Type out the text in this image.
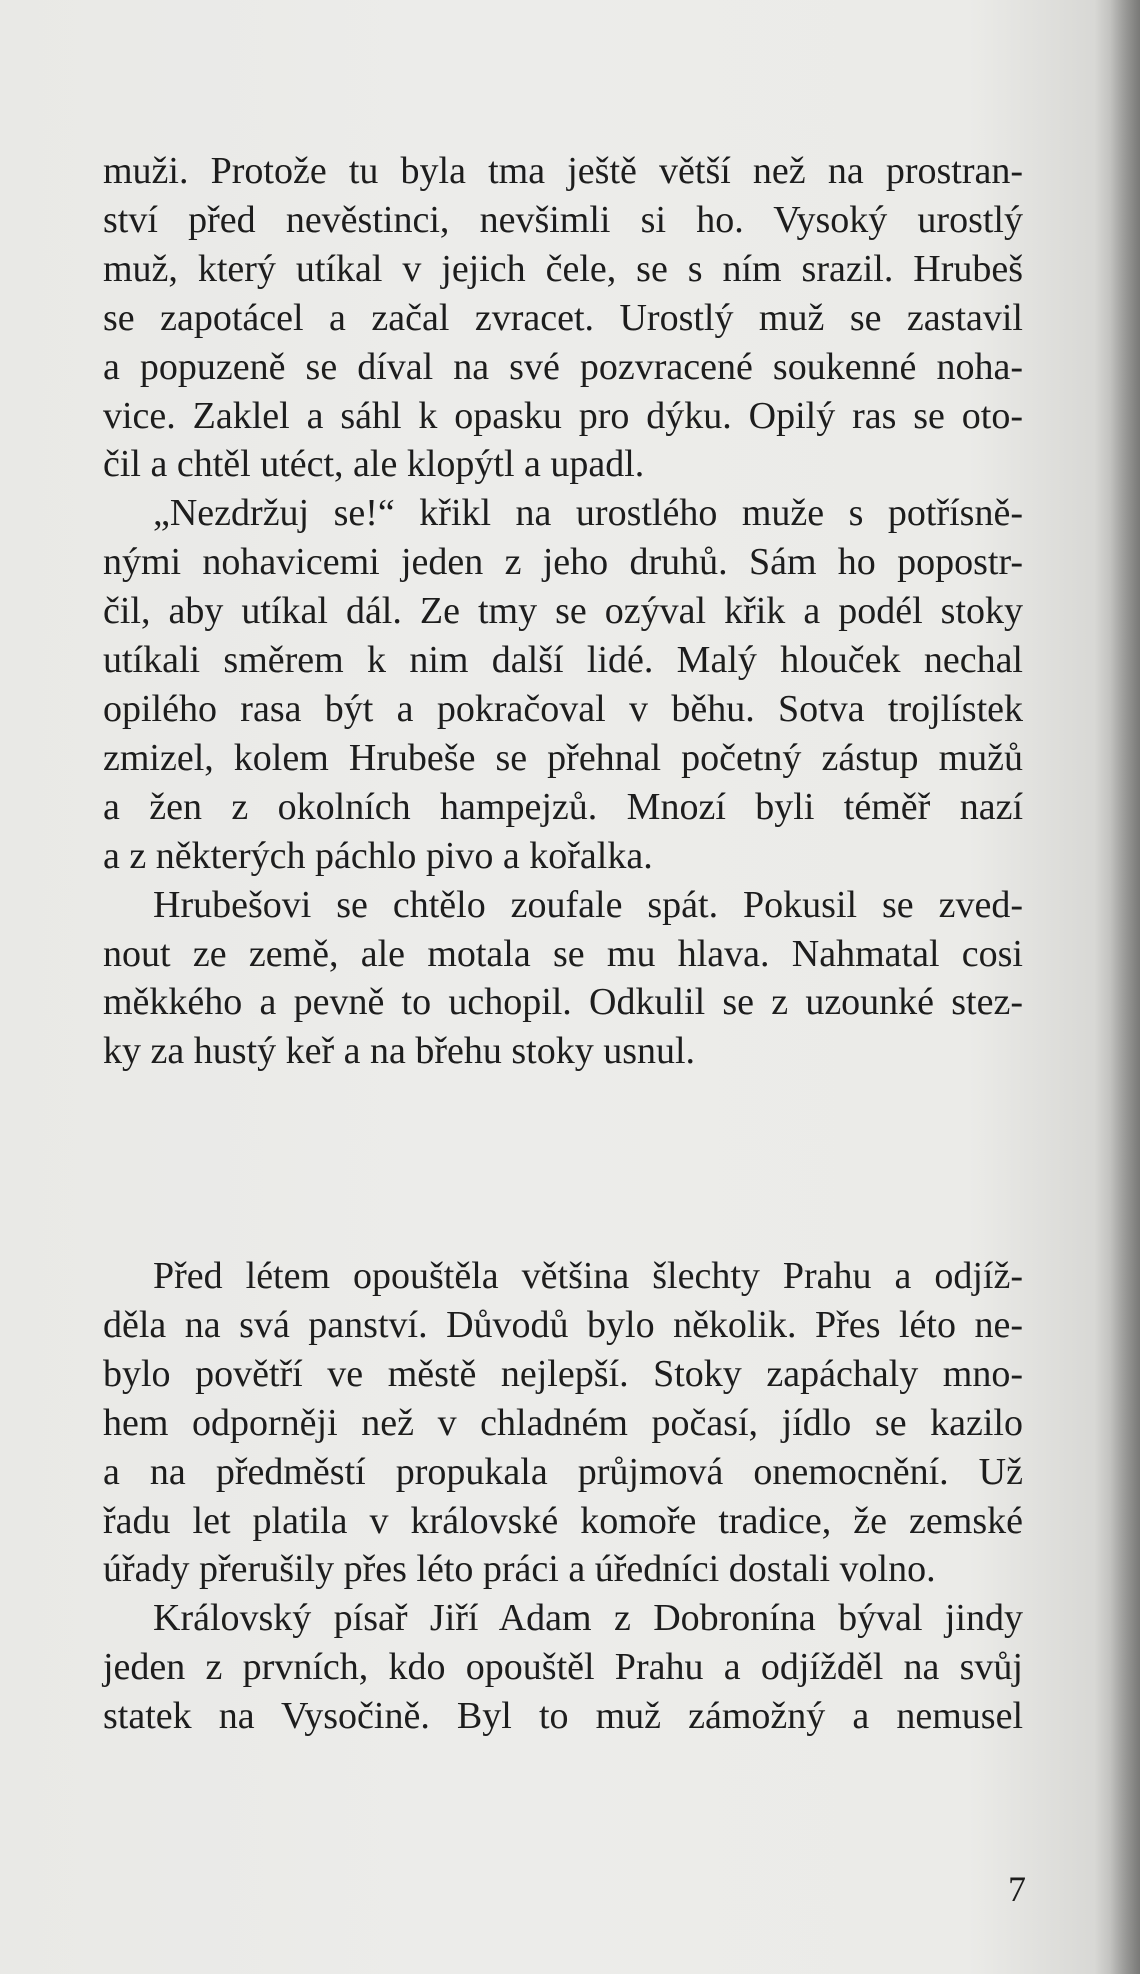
muži. Protože tu byla tma ještě větší než na prostran-
ství před nevěstinci, nevšimli si ho. Vysoký urostlý
muž, který utíkal v jejich čele, se s ním srazil. Hrubeš
se zapotácel a začal zvracet. Urostlý muž se zastavil
a popuzeně se díval na své pozvracené soukenné noha-
vice. Zaklel a sáhl k opasku pro dýku. Opilý ras se oto-
čil a chtěl utéct, ale klopýtl a upadl.
„Nezdržuj se!“ křikl na urostlého muže s potřísně-
nými nohavicemi jeden z jeho druhů. Sám ho popostr-
čil, aby utíkal dál. Ze tmy se ozýval křik a podél stoky
utíkali směrem k nim další lidé. Malý hlouček nechal
opilého rasa být a pokračoval v běhu. Sotva trojlístek
zmizel, kolem Hrubeše se přehnal početný zástup mužů
a žen z okolních hampejzů. Mnozí byli téměř nazí
a z některých páchlo pivo a kořalka.
Hrubešovi se chtělo zoufale spát. Pokusil se zved-
nout ze země, ale motala se mu hlava. Nahmatal cosi
měkkého a pevně to uchopil. Odkulil se z uzounké stez-
ky za hustý keř a na břehu stoky usnul.
Před létem opouštěla většina šlechty Prahu a odjíž-
děla na svá panství. Důvodů bylo několik. Přes léto ne-
bylo povětří ve městě nejlepší. Stoky zapáchaly mno-
hem odporněji než v chladném počasí, jídlo se kazilo
a na předměstí propukala průjmová onemocnění. Už
řadu let platila v královské komoře tradice, že zemské
úřady přerušily přes léto práci a úředníci dostali volno.
Královský písař Jiří Adam z Dobronína býval jindy
jeden z prvních, kdo opouštěl Prahu a odjížděl na svůj
statek na Vysočině. Byl to muž zámožný a nemusel
7
